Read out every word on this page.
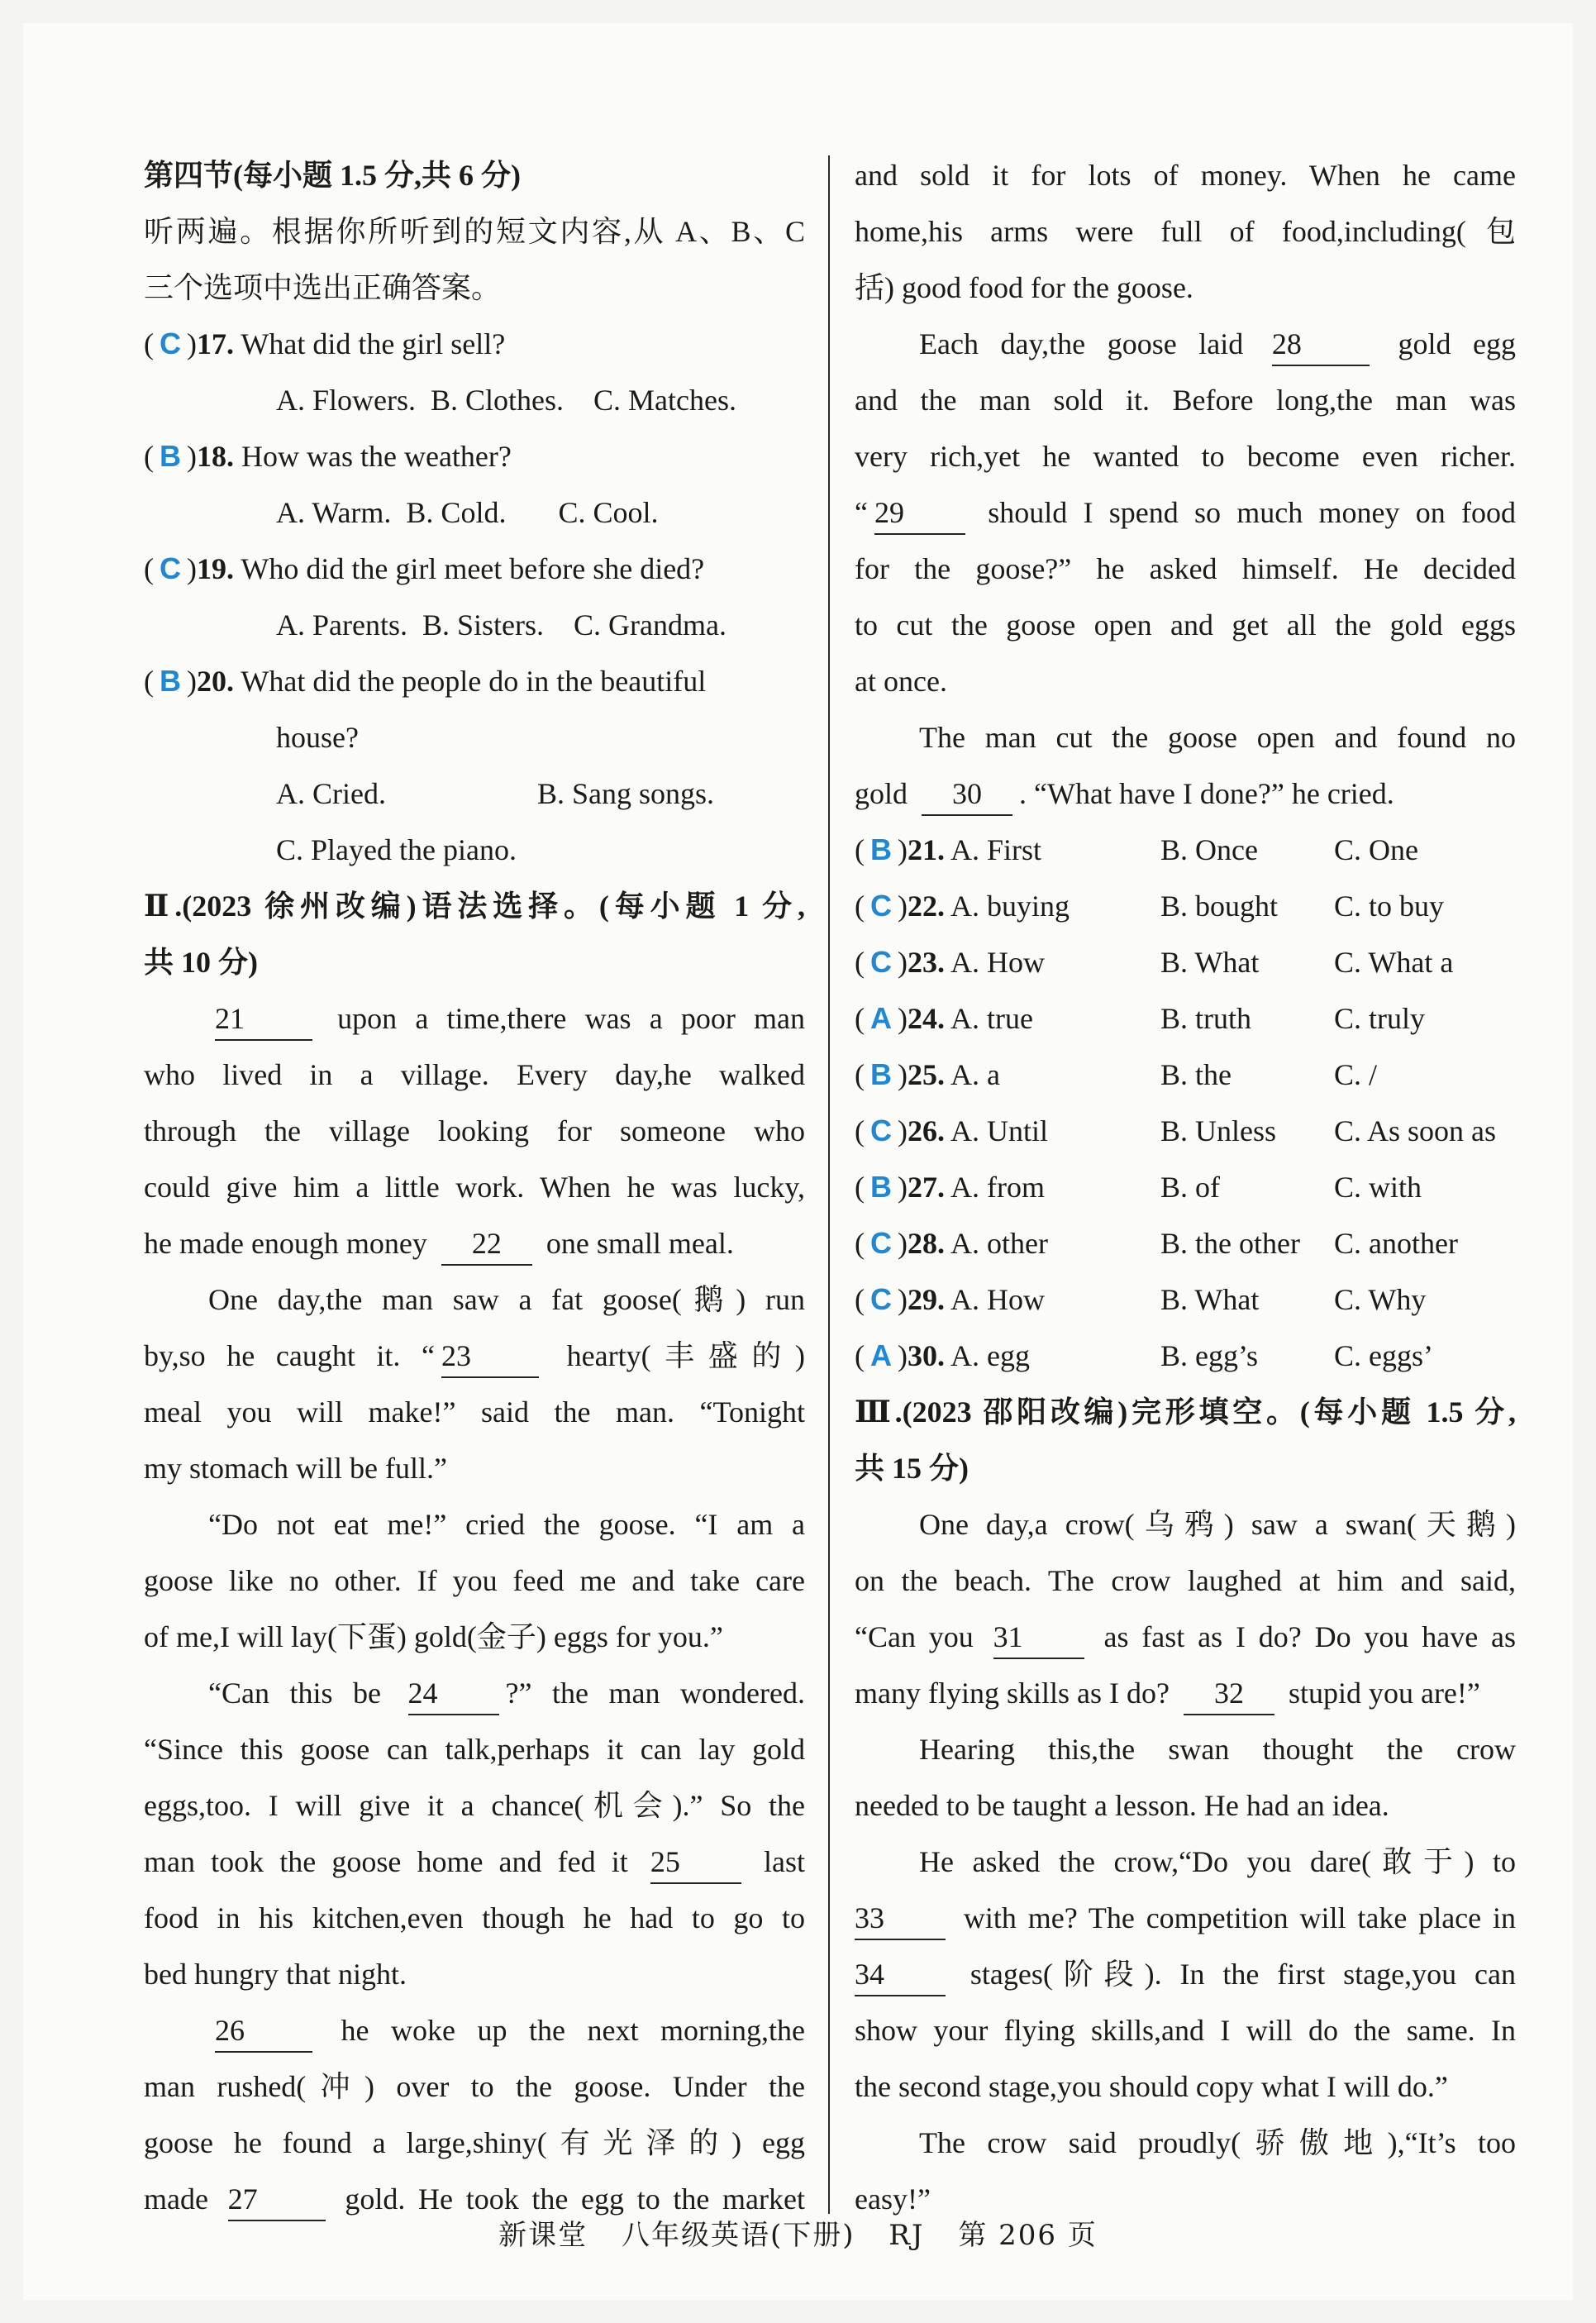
第四节(每小题 1.5 分,共 6 分)
听两遍。根据你所听到的短文内容,从 A、B、C
三个选项中选出正确答案。
( C )17. What did the girl sell?
A. Flowers. B. Clothes. C. Matches.
( B )18. How was the weather?
A. Warm. B. Cold. C. Cool.
( C )19. Who did the girl meet before she died?
A. Parents. B. Sisters. C. Grandma.
( B )20. What did the people do in the beautiful
house?
A. Cried.	B. Sang songs.
C. Played the piano.
Ⅱ.(2023 徐州改编)语法选择。(每小题 1 分,
共 10 分)
21	upon a time,there was a poor man
who lived in a village. Every day,he walked
through the village looking for someone who
could give him a little work. When he was lucky,
he made enough money 22 one small meal.
One day,the man saw a fat goose(鹅) run
by,so he caught it. “ 23	hearty(丰盛的)
meal you will make!” said the man. “Tonight
my stomach will be full.”
“Do not eat me!” cried the goose. “I am a
goose like no other. If you feed me and take care
of me,I will lay(下蛋) gold(金子) eggs for you.”
“Can this be 24 ?” the man wondered.
“Since this goose can talk,perhaps it can lay gold
eggs,too. I will give it a chance(机会).” So the
man took the goose home and fed it 25	last
food in his kitchen,even though he had to go to
bed hungry that night.
26	he woke up the next morning,the
man rushed(冲) over to the goose. Under the
goose he found a large,shiny(有光泽的) egg
made 27	gold. He took the egg to the market
and sold it for lots of money. When he came
home,his arms were full of food,including(包
括) good food for the goose.
Each day,the goose laid 28	gold egg
and the man sold it. Before long,the man was
very rich,yet he wanted to become even richer.
“ 29	should I spend so much money on food
for the goose?” he asked himself. He decided
to cut the goose open and get all the gold eggs
at once.
The man cut the goose open and found no
gold 30 . “What have I done?” he cried.
( B )21. A. First	B. Once	C. One
( C )22. A. buying	B. bought	C. to buy
( C )23. A. How	B. What	C. What a
( A )24. A. true	B. truth	C. truly
( B )25. A. a	B. the	C. /
( C )26. A. Until	B. Unless	C. As soon as
( B )27. A. from	B. of	C. with
( C )28. A. other	B. the other	C. another
( C )29. A. How	B. What	C. Why
( A )30. A. egg	B. egg’s	C. eggs’
Ⅲ.(2023 邵阳改编)完形填空。(每小题 1.5 分,
共 15 分)
One day,a crow(乌鸦) saw a swan(天鹅)
on the beach. The crow laughed at him and said,
“Can you 31	as fast as I do? Do you have as
many flying skills as I do? 32 stupid you are!”
Hearing this,the swan thought the crow
needed to be taught a lesson. He had an idea.
He asked the crow,“Do you dare(敢于) to
33	with me? The competition will take place in
34	stages(阶段). In the first stage,you can
show your flying skills,and I will do the same. In
the second stage,you should copy what I will do.”
The crow said proudly(骄傲地),“It’s too
easy!”
新课堂 八年级英语(下册) RJ 第 206 页
